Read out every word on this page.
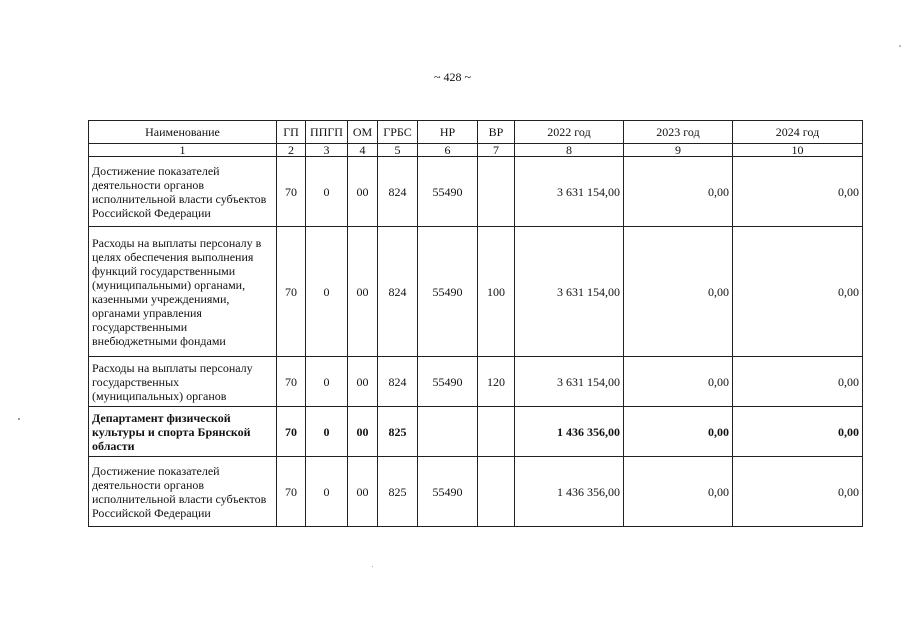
~ 428 ~
Наименование	ГП	ППГП	ОМ	ГРБС	НР	ВР	2022 год	2023 год	2024 год
1	2	3	4	5	6	7	8	9	10
Достижение показателей деятельности органов исполнительной власти субъектов Российской Федерации	70	0	00	824	55490		3 631 154,00	0,00	0,00
Расходы на выплаты персоналу в целях обеспечения выполнения функций государственными (муниципальными) органами, казенными учреждениями, органами управления государственными внебюджетными фондами	70	0	00	824	55490	100	3 631 154,00	0,00	0,00
Расходы на выплаты персоналу государственных (муниципальных) органов	70	0	00	824	55490	120	3 631 154,00	0,00	0,00
Департамент физической культуры и спорта Брянской области	70	0	00	825			1 436 356,00	0,00	0,00
Достижение показателей деятельности органов исполнительной власти субъектов Российской Федерации	70	0	00	825	55490		1 436 356,00	0,00	0,00
